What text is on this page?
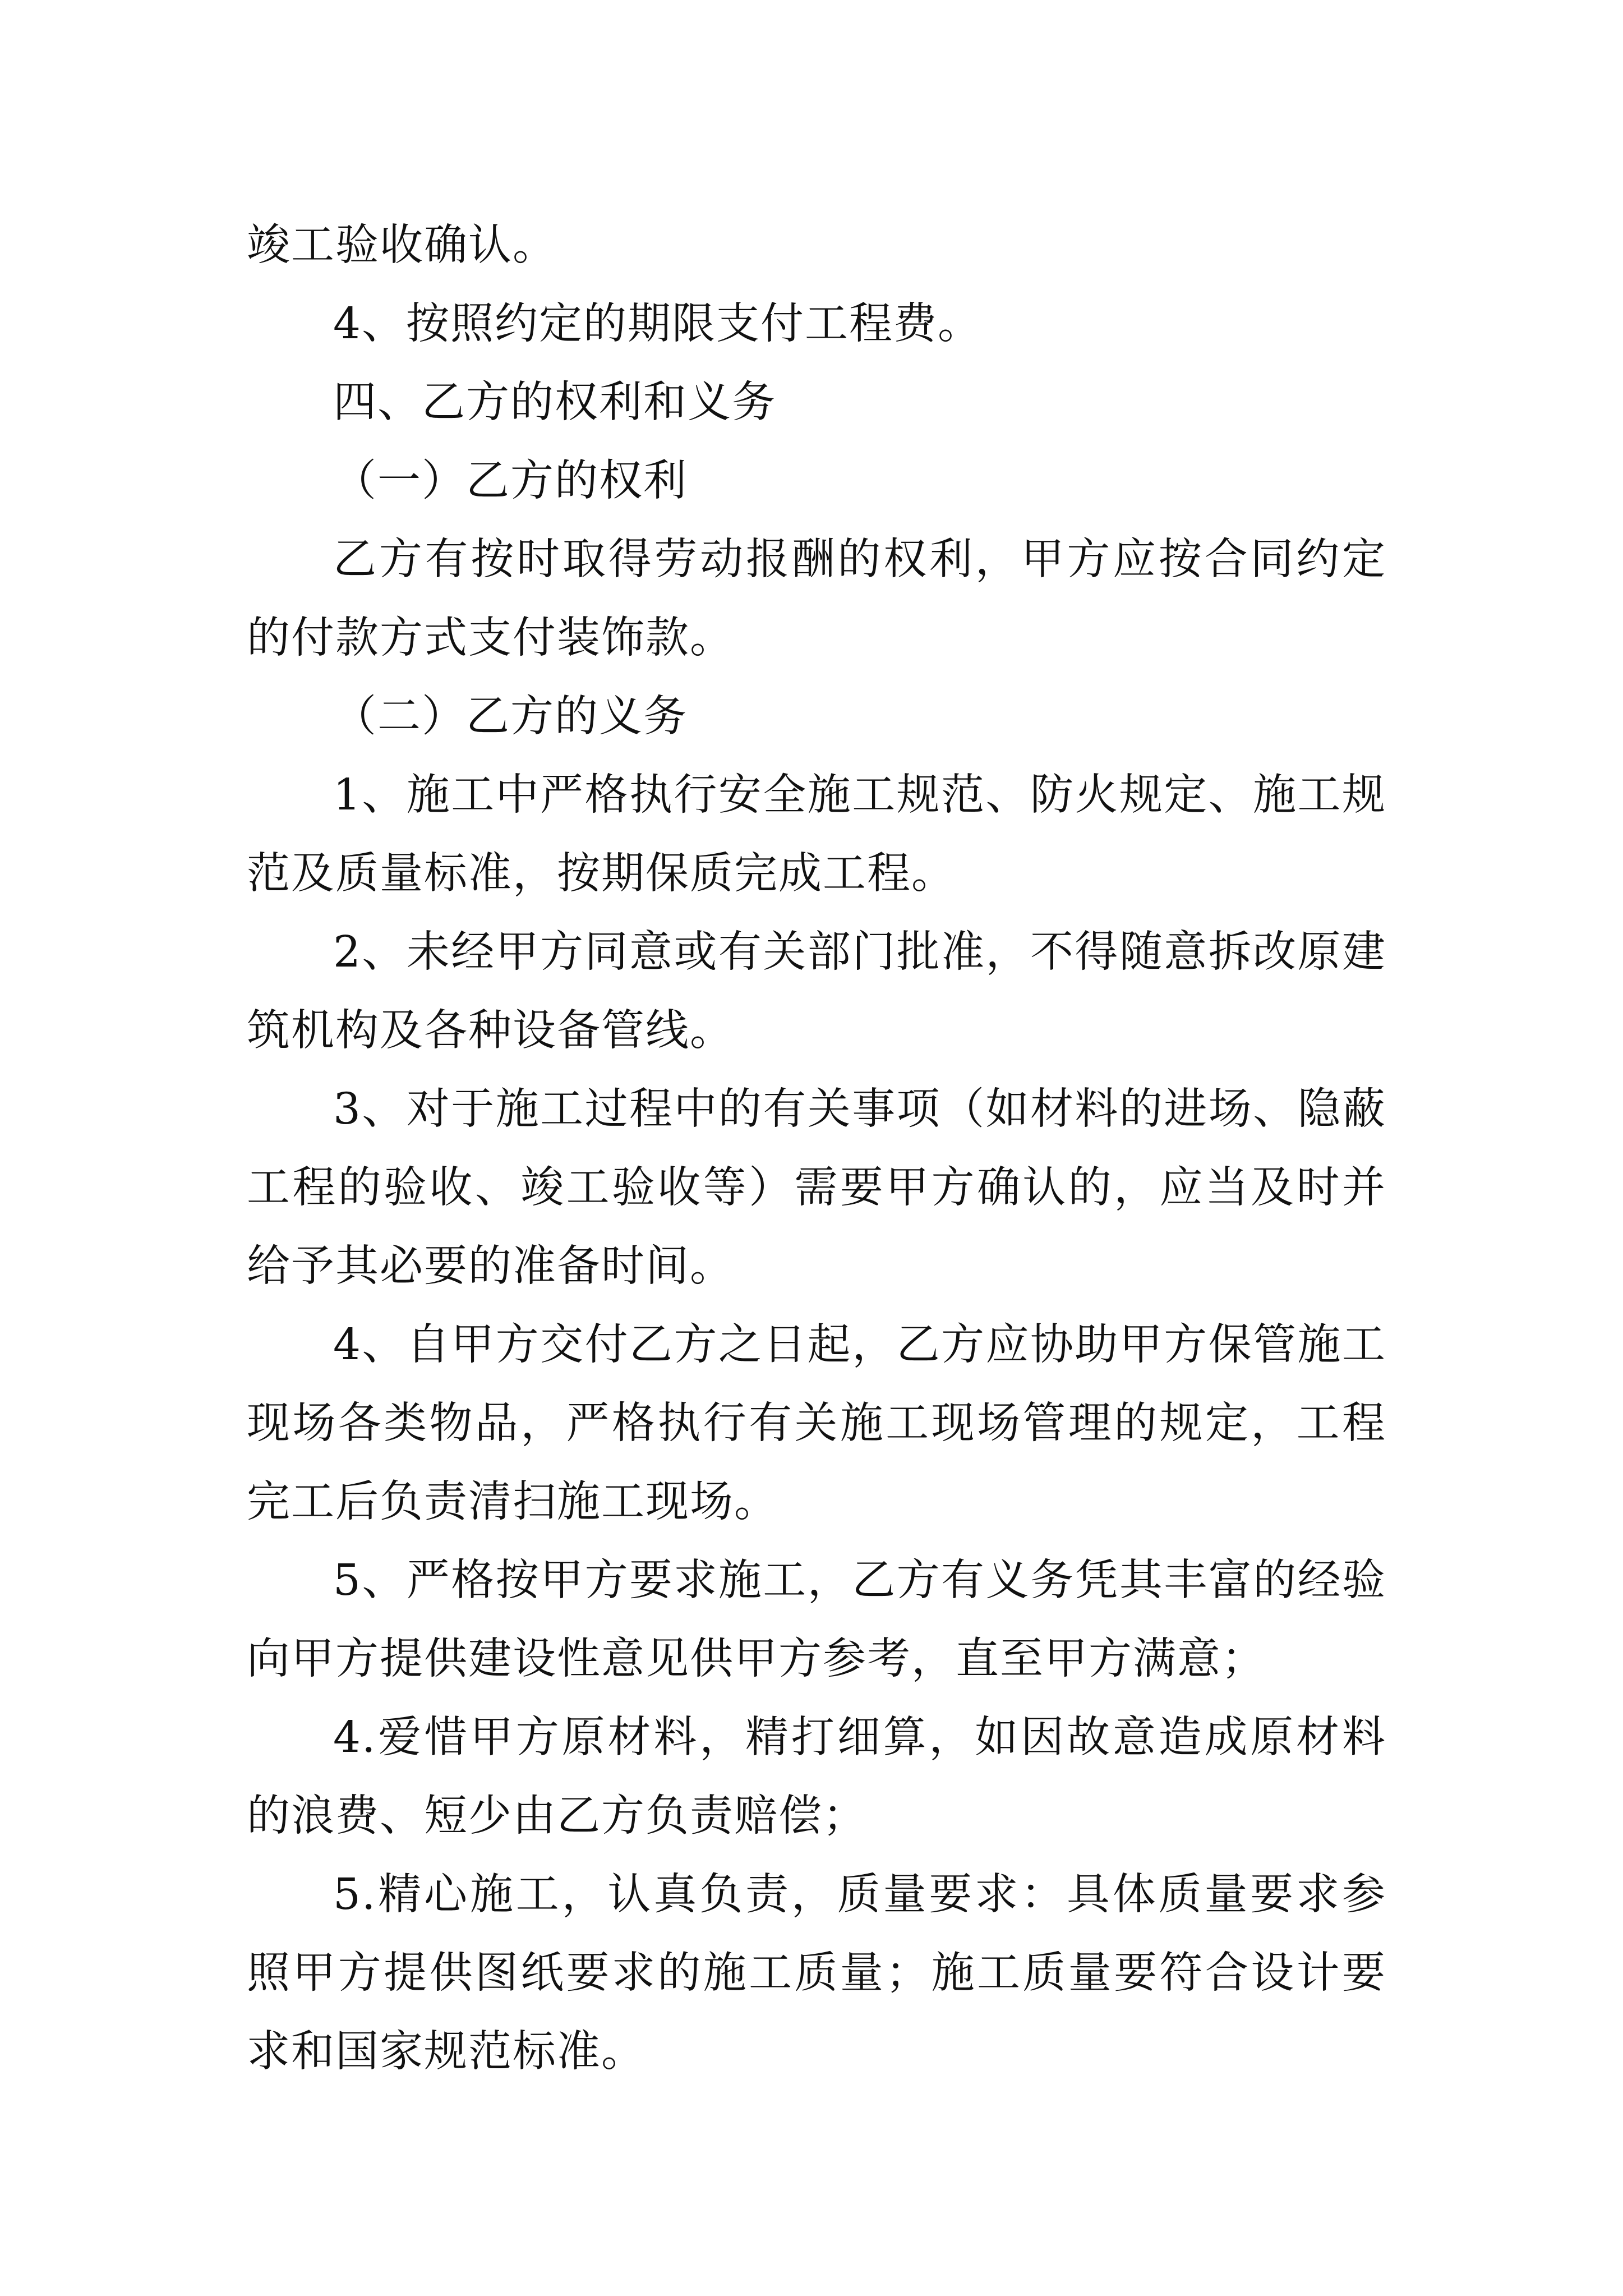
竣工验收确认。

4、按照约定的期限支付工程费。

四、乙方的权利和义务

（一）乙方的权利

乙方有按时取得劳动报酬的权利，甲方应按合同约定的付款方式支付装饰款。

（二）乙方的义务

1、施工中严格执行安全施工规范、防火规定、施工规范及质量标准，按期保质完成工程。

2、未经甲方同意或有关部门批准，不得随意拆改原建筑机构及各种设备管线。

3、对于施工过程中的有关事项（如材料的进场、隐蔽工程的验收、竣工验收等）需要甲方确认的，应当及时并给予其必要的准备时间。

4、自甲方交付乙方之日起，乙方应协助甲方保管施工现场各类物品，严格执行有关施工现场管理的规定，工程完工后负责清扫施工现场。

5、严格按甲方要求施工，乙方有义务凭其丰富的经验向甲方提供建设性意见供甲方参考，直至甲方满意；

4.爱惜甲方原材料，精打细算，如因故意造成原材料的浪费、短少由乙方负责赔偿；

5.精心施工，认真负责，质量要求：具体质量要求参照甲方提供图纸要求的施工质量；施工质量要符合设计要求和国家规范标准。
